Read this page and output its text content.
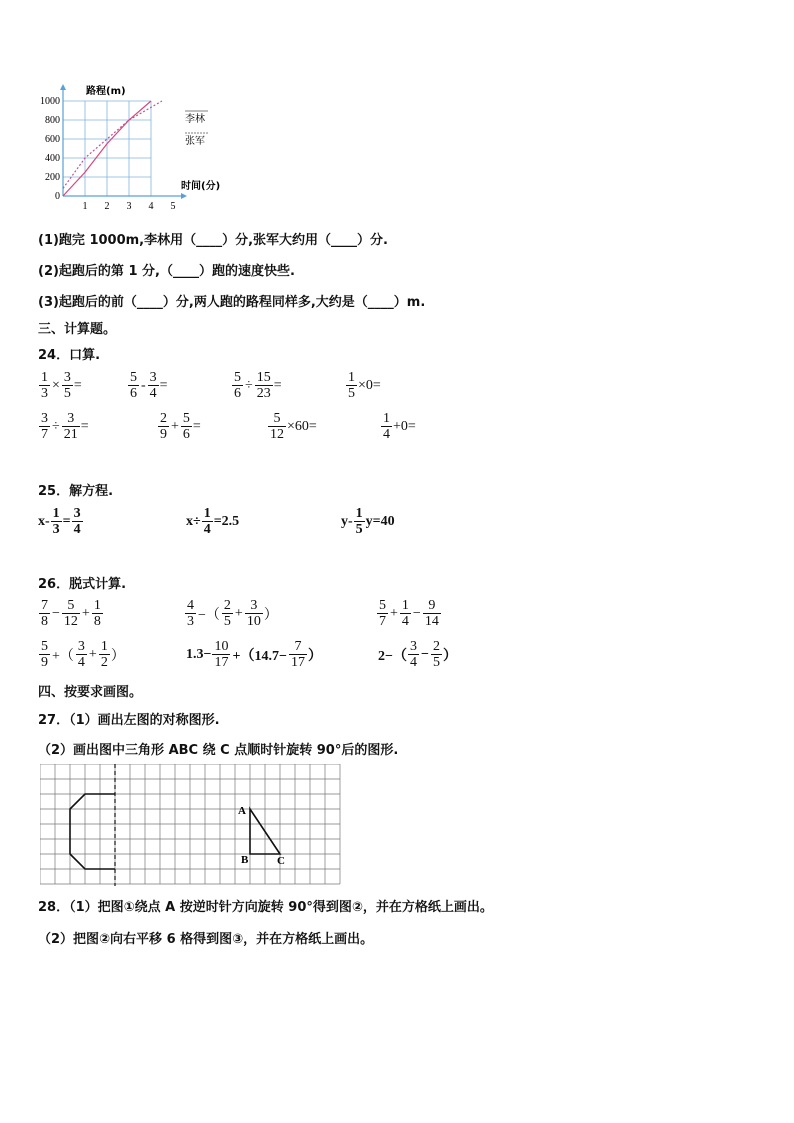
0
200
400
600
800
1000
1 2 3 4 5
路程(m)
时间(分)
李林
张军
(1)跑完 1000m,李林用（____）分,张军大约用（____）分.
(2)起跑后的第 1 分,（____）跑的速度快些.
(3)起跑后的前（____）分,两人跑的路程同样多,大约是（____）m.
三、计算题。
24．口算.
$\frac{1}{3} \times \frac{3}{5}$ =	$\frac{5}{6} - \frac{3}{4}$ =	$\frac{5}{6} \div \frac{15}{23}$ =	$\frac{1}{5} \times 0=$
$\frac{3}{7} \div \frac{3}{21}$ =	$\frac{2}{9} + \frac{5}{6}$ =	$\frac{5}{12} \times 60=$	$\frac{1}{4} +0=$
25．解方程.
$x- \frac{1}{3} = \frac{3}{4}$	$x\div \frac{1}{4} =2.5$	$y- \frac{1}{5} y=40$
26．脱式计算.
$\frac{7}{8} - \frac{5}{12} + \frac{1}{8}$	$\frac{4}{3}$ −（ $\frac{2}{5} + \frac{3}{10}$ ）	$\frac{5}{7} + \frac{1}{4} - \frac{9}{14}$
$\frac{5}{9}$ +（ $\frac{3}{4} + \frac{1}{2}$ ）	$1.3- \frac{10}{17} +(14.7- \frac{7}{17}$ ）	$2-( \frac{3}{4} - \frac{2}{5}$ ）
四、按要求画图。
27．（1）画出左图的对称图形.
（2）画出图中三角形 ABC 绕 C 点顺时针旋转 90°后的图形.
A
B	C
28．（1）把图①绕点 A 按逆时针方向旋转 90°得到图②，并在方格纸上画出。
（2）把图②向右平移 6 格得到图③，并在方格纸上画出。
